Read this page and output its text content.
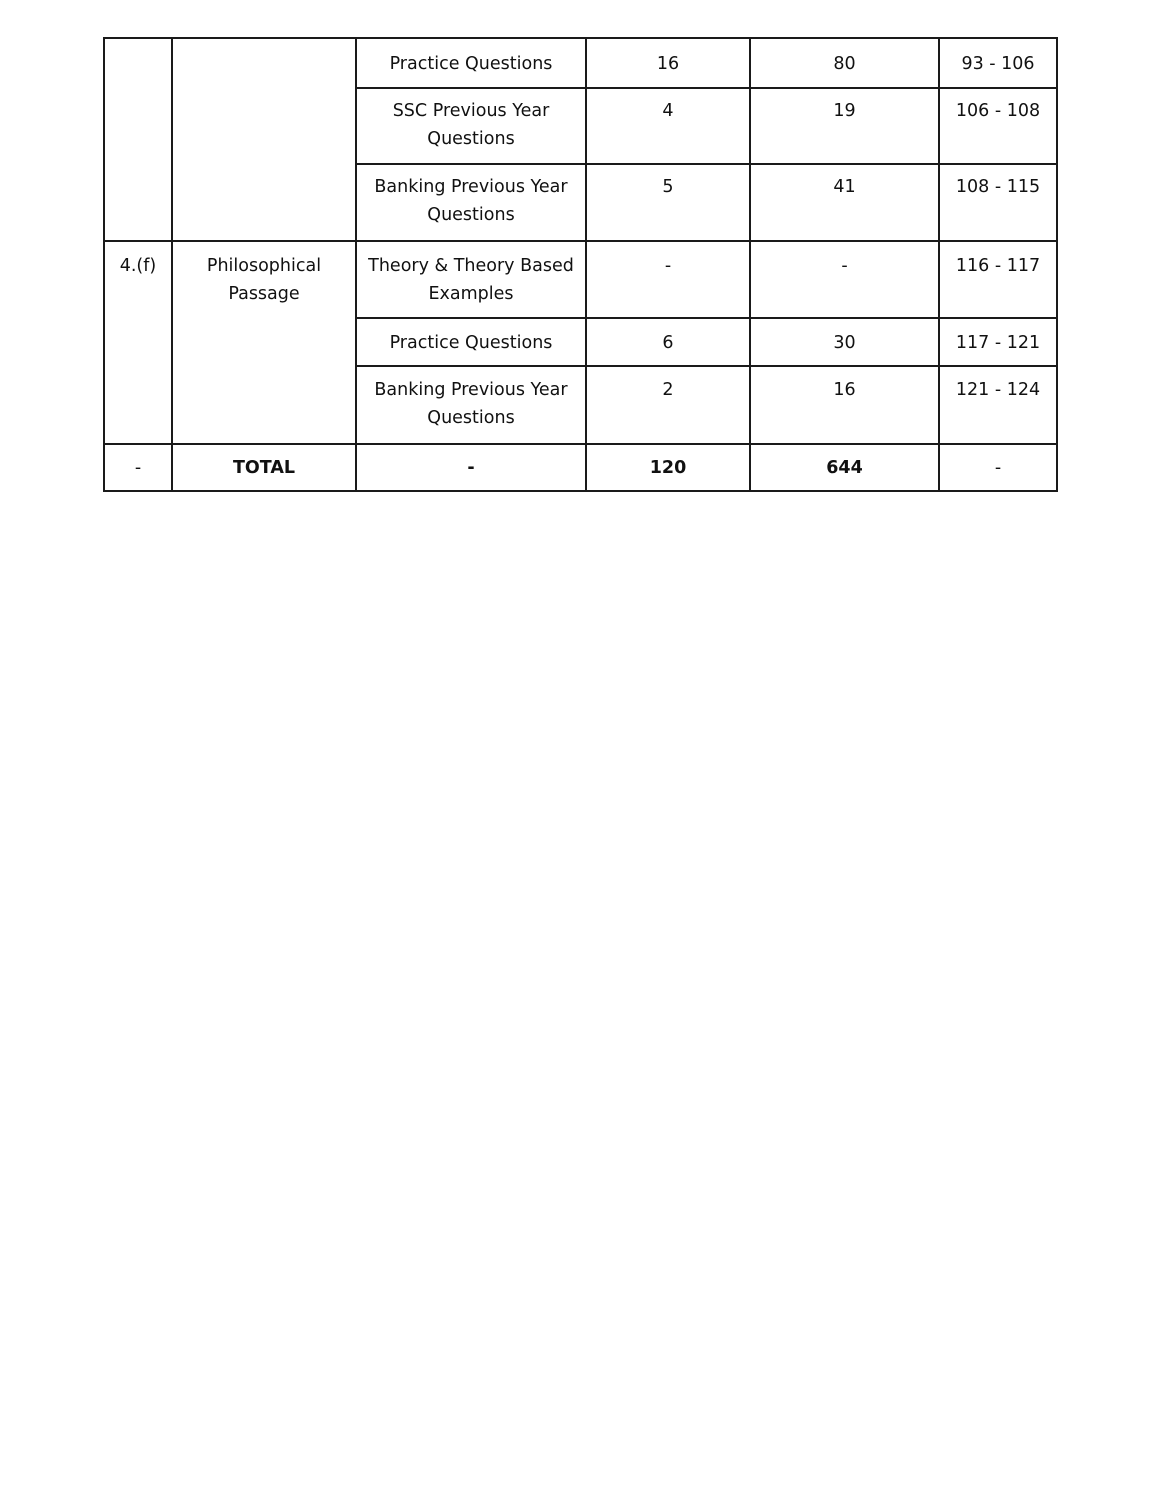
		Practice Questions	16	80	93 - 106
		SSC Previous Year Questions	4	19	106 - 108
		Banking Previous Year Questions	5	41	108 - 115
4.(f)	Philosophical Passage	Theory & Theory Based Examples	-	-	116 - 117
		Practice Questions	6	30	117 - 121
		Banking Previous Year Questions	2	16	121 - 124
-	TOTAL	-	120	644	-
